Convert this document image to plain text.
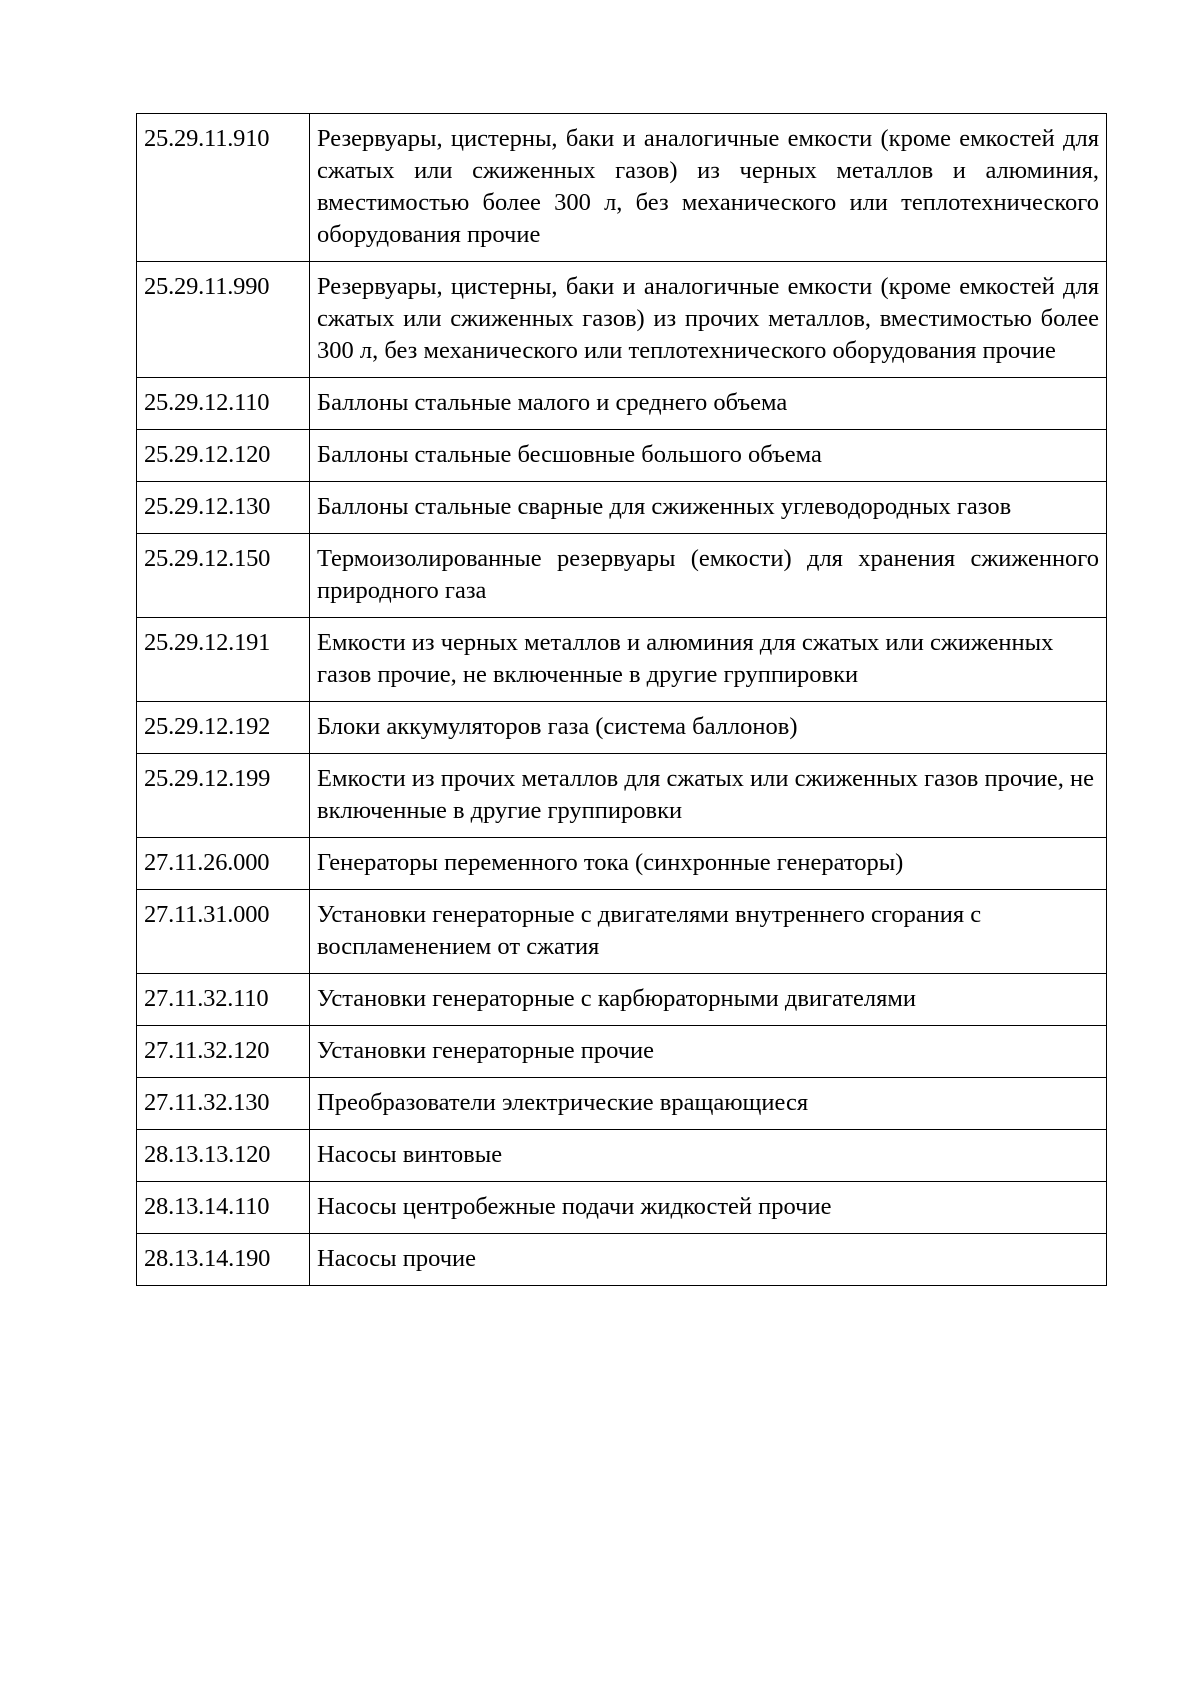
25.29.11.910	Резервуары, цистерны, баки и аналогичные емкости (кроме емкостей для сжатых или сжиженных газов) из черных металлов и алюминия, вместимостью более 300 л, без механического или теплотехнического оборудования прочие
25.29.11.990	Резервуары, цистерны, баки и аналогичные емкости (кроме емкостей для сжатых или сжиженных газов) из прочих металлов, вместимостью более 300 л, без механического или теплотехнического оборудования прочие
25.29.12.110	Баллоны стальные малого и среднего объема
25.29.12.120	Баллоны стальные бесшовные большого объема
25.29.12.130	Баллоны стальные сварные для сжиженных углеводородных газов
25.29.12.150	Термоизолированные резервуары (емкости) для хранения сжиженного природного газа
25.29.12.191	Емкости из черных металлов и алюминия для сжатых или сжиженных газов прочие, не включенные в другие группировки
25.29.12.192	Блоки аккумуляторов газа (система баллонов)
25.29.12.199	Емкости из прочих металлов для сжатых или сжиженных газов прочие, не включенные в другие группировки
27.11.26.000	Генераторы переменного тока (синхронные генераторы)
27.11.31.000	Установки генераторные с двигателями внутреннего сгорания с воспламенением от сжатия
27.11.32.110	Установки генераторные с карбюраторными двигателями
27.11.32.120	Установки генераторные прочие
27.11.32.130	Преобразователи электрические вращающиеся
28.13.13.120	Насосы винтовые
28.13.14.110	Насосы центробежные подачи жидкостей прочие
28.13.14.190	Насосы прочие
